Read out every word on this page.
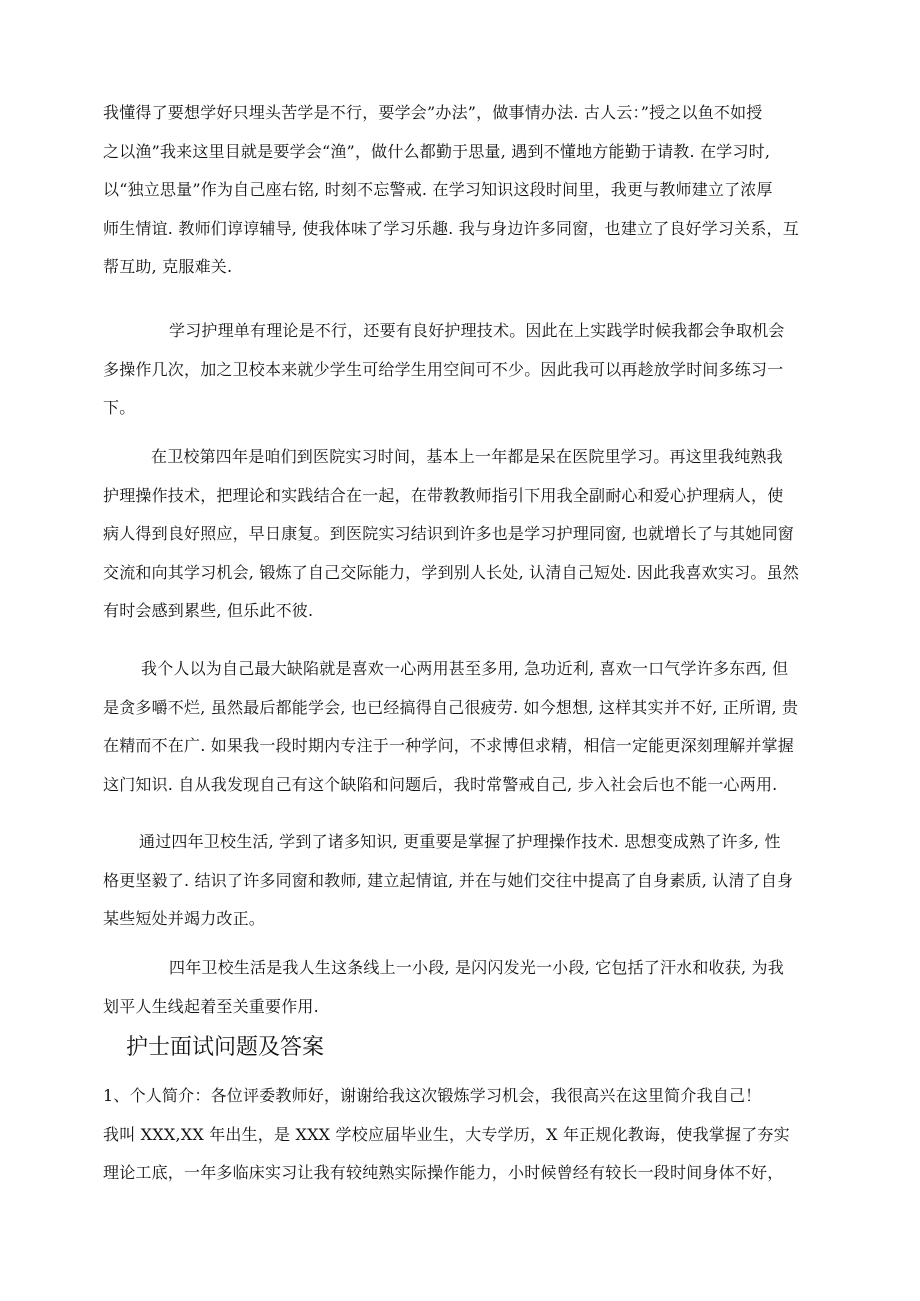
我懂得了要想学好只埋头苦学是不行，要学会”办法”，做事情办法. 古人云：”授之以鱼不如授
之以渔”我来这里目就是要学会“渔”，做什么都勤于思量, 遇到不懂地方能勤于请教. 在学习时,
以“独立思量”作为自己座右铭, 时刻不忘警戒. 在学习知识这段时间里，我更与教师建立了浓厚
师生情谊. 教师们谆谆辅导, 使我体味了学习乐趣. 我与身边许多同窗，也建立了良好学习关系，互
帮互助, 克服难关.
学习护理单有理论是不行，还要有良好护理技术。因此在上实践学时候我都会争取机会
多操作几次，加之卫校本来就少学生可给学生用空间可不少。因此我可以再趁放学时间多练习一
下。
在卫校第四年是咱们到医院实习时间，基本上一年都是呆在医院里学习。再这里我纯熟我
护理操作技术，把理论和实践结合在一起，在带教教师指引下用我全副耐心和爱心护理病人，使
病人得到良好照应，早日康复。到医院实习结识到许多也是学习护理同窗, 也就增长了与其她同窗
交流和向其学习机会, 锻炼了自己交际能力，学到别人长处, 认清自己短处. 因此我喜欢实习。虽然
有时会感到累些, 但乐此不彼.
我个人以为自己最大缺陷就是喜欢一心两用甚至多用, 急功近利, 喜欢一口气学许多东西, 但
是贪多嚼不烂, 虽然最后都能学会, 也已经搞得自己很疲劳. 如今想想, 这样其实并不好, 正所谓, 贵
在精而不在广. 如果我一段时期内专注于一种学问，不求博但求精，相信一定能更深刻理解并掌握
这门知识. 自从我发现自己有这个缺陷和问题后，我时常警戒自己, 步入社会后也不能一心两用.
通过四年卫校生活, 学到了诸多知识, 更重要是掌握了护理操作技术. 思想变成熟了许多, 性
格更坚毅了. 结识了许多同窗和教师, 建立起情谊, 并在与她们交往中提高了自身素质, 认清了自身
某些短处并竭力改正。
四年卫校生活是我人生这条线上一小段, 是闪闪发光一小段, 它包括了汗水和收获, 为我
划平人生线起着至关重要作用.
护士面试问题及答案
1、个人简介：各位评委教师好，谢谢给我这次锻炼学习机会，我很高兴在这里简介我自己！
我叫 XXX,XX 年出生，是 XXX 学校应届毕业生，大专学历，X 年正规化教诲，使我掌握了夯实
理论工底，一年多临床实习让我有较纯熟实际操作能力，小时候曾经有较长一段时间身体不好，
